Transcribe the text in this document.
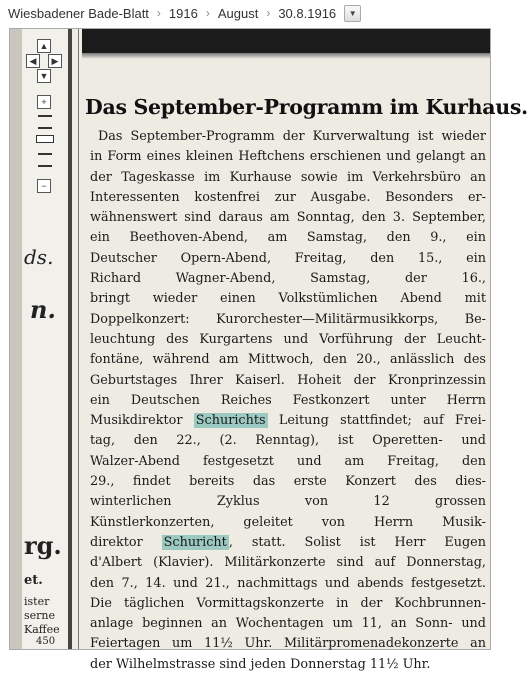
Wiesbadener Bade-Blatt › 1916 › August › 30.8.1916	▼
ds.
n.
rg.
et.
ister
serne
Kaffee
450
Das September-Programm im Kurhaus.
Das September-Programm der Kurverwaltung ist wieder
in Form eines kleinen Heftchens erschienen und gelangt an
der Tageskasse im Kurhause sowie im Verkehrsbüro an
Interessenten kostenfrei zur Ausgabe. Besonders er-
wähnenswert sind daraus am Sonntag, den 3. September,
ein Beethoven-Abend, am Samstag, den 9., ein
Deutscher Opern-Abend, Freitag, den 15., ein
Richard Wagner-Abend, Samstag, der 16.,
bringt wieder einen Volkstümlichen Abend mit
Doppelkonzert: Kurorchester—Militärmusikkorps, Be-
leuchtung des Kurgartens und Vorführung der Leucht-
fontäne, während am Mittwoch, den 20., anlässlich des
Geburtstages Ihrer Kaiserl. Hoheit der Kronprinzessin
ein Deutschen Reiches Festkonzert unter Herrn
Musikdirektor Schurichts Leitung stattfindet; auf Frei-
tag, den 22., (2. Renntag), ist Operetten- und
Walzer-Abend festgesetzt und am Freitag, den
29., findet bereits das erste Konzert des dies-
winterlichen Zyklus von 12 grossen
Künstlerkonzerten, geleitet von Herrn Musik-
direktor Schuricht , statt. Solist ist Herr Eugen
d'Albert (Klavier). Militärkonzerte sind auf Donnerstag,
den 7., 14. und 21., nachmittags und abends festgesetzt.
Die täglichen Vormittagskonzerte in der Kochbrunnen-
anlage beginnen an Wochentagen um 11, an Sonn- und
Feiertagen um 11½ Uhr. Militärpromenadekonzerte an
der Wilhelmstrasse sind jeden Donnerstag 11½ Uhr.
▲
◀	▶
▼
+
−
